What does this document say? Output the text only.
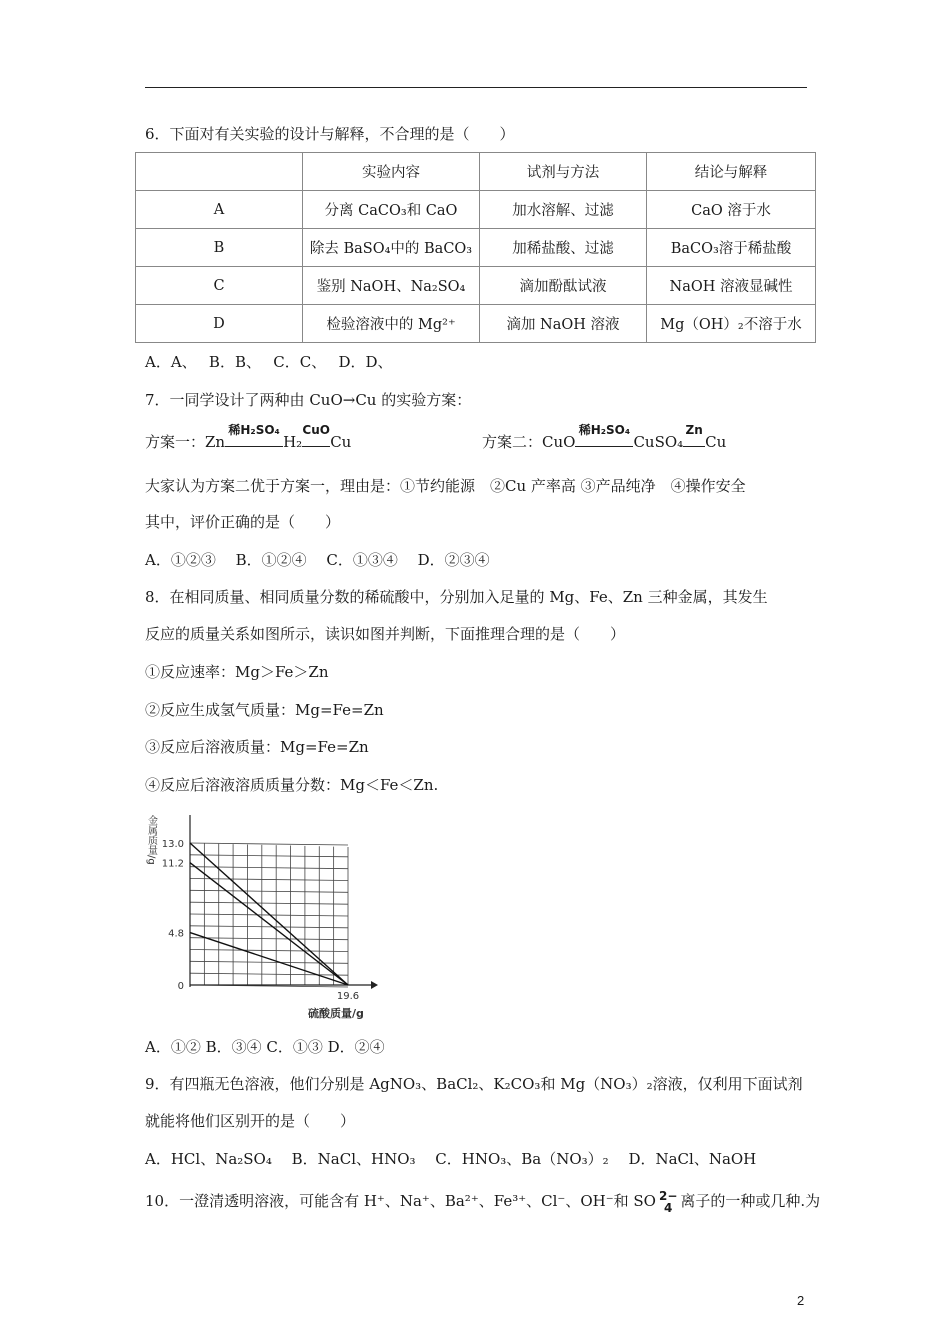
6．下面对有关实验的设计与解释，不合理的是（　　）
	实验内容	试剂与方法	结论与解释
A	分离 CaCO₃和 CaO	加水溶解、过滤	CaO 溶于水
B	除去 BaSO₄中的 BaCO₃	加稀盐酸、过滤	BaCO₃溶于稀盐酸
C	鉴别 NaOH、Na₂SO₄	滴加酚酞试液	NaOH 溶液显碱性
D	检验溶液中的 Mg²⁺	滴加 NaOH 溶液	Mg（OH）₂不溶于水
A．A、　 B．B、　 C．C、　 D．D、
7．一同学设计了两种由 CuO→Cu 的实验方案：
方案一：Zn
稀H₂SO₄
H₂
CuO
Cu	方案二：CuO
稀H₂SO₄
CuSO₄
Zn
Cu
大家认为方案二优于方案一，理由是：①节约能源　②Cu 产率高 ③产品纯净　④操作安全
其中，评价正确的是（　　）
A．①②③　 B．①②④　 C．①③④　 D．②③④
8．在相同质量、相同质量分数的稀硫酸中，分别加入足量的 Mg、Fe、Zn 三种金属，其发生
反应的质量关系如图所示，读识如图并判断，下面推理合理的是（　　）
①反应速率：Mg＞Fe＞Zn
②反应生成氢气质量：Mg=Fe=Zn
③反应后溶液质量：Mg=Fe=Zn
④反应后溶液溶质质量分数：Mg＜Fe＜Zn.
金属质量/g
硫酸质量/g
13.0
11.2
4.8
0
19.6
A．①② B．③④ C．①③ D．②④
9．有四瓶无色溶液，他们分别是 AgNO₃、BaCl₂、K₂CO₃和 Mg（NO₃）₂溶液，仅利用下面试剂
就能将他们区别开的是（　　）
A．HCl、Na₂SO₄　 B．NaCl、HNO₃　 C．HNO₃、Ba（NO₃）₂　 D．NaCl、NaOH
10．一澄清透明溶液，可能含有 H⁺、Na⁺、Ba²⁺、Fe³⁺、Cl⁻、OH⁻和 SO 2−
4 离子的一种或几种.为
2
